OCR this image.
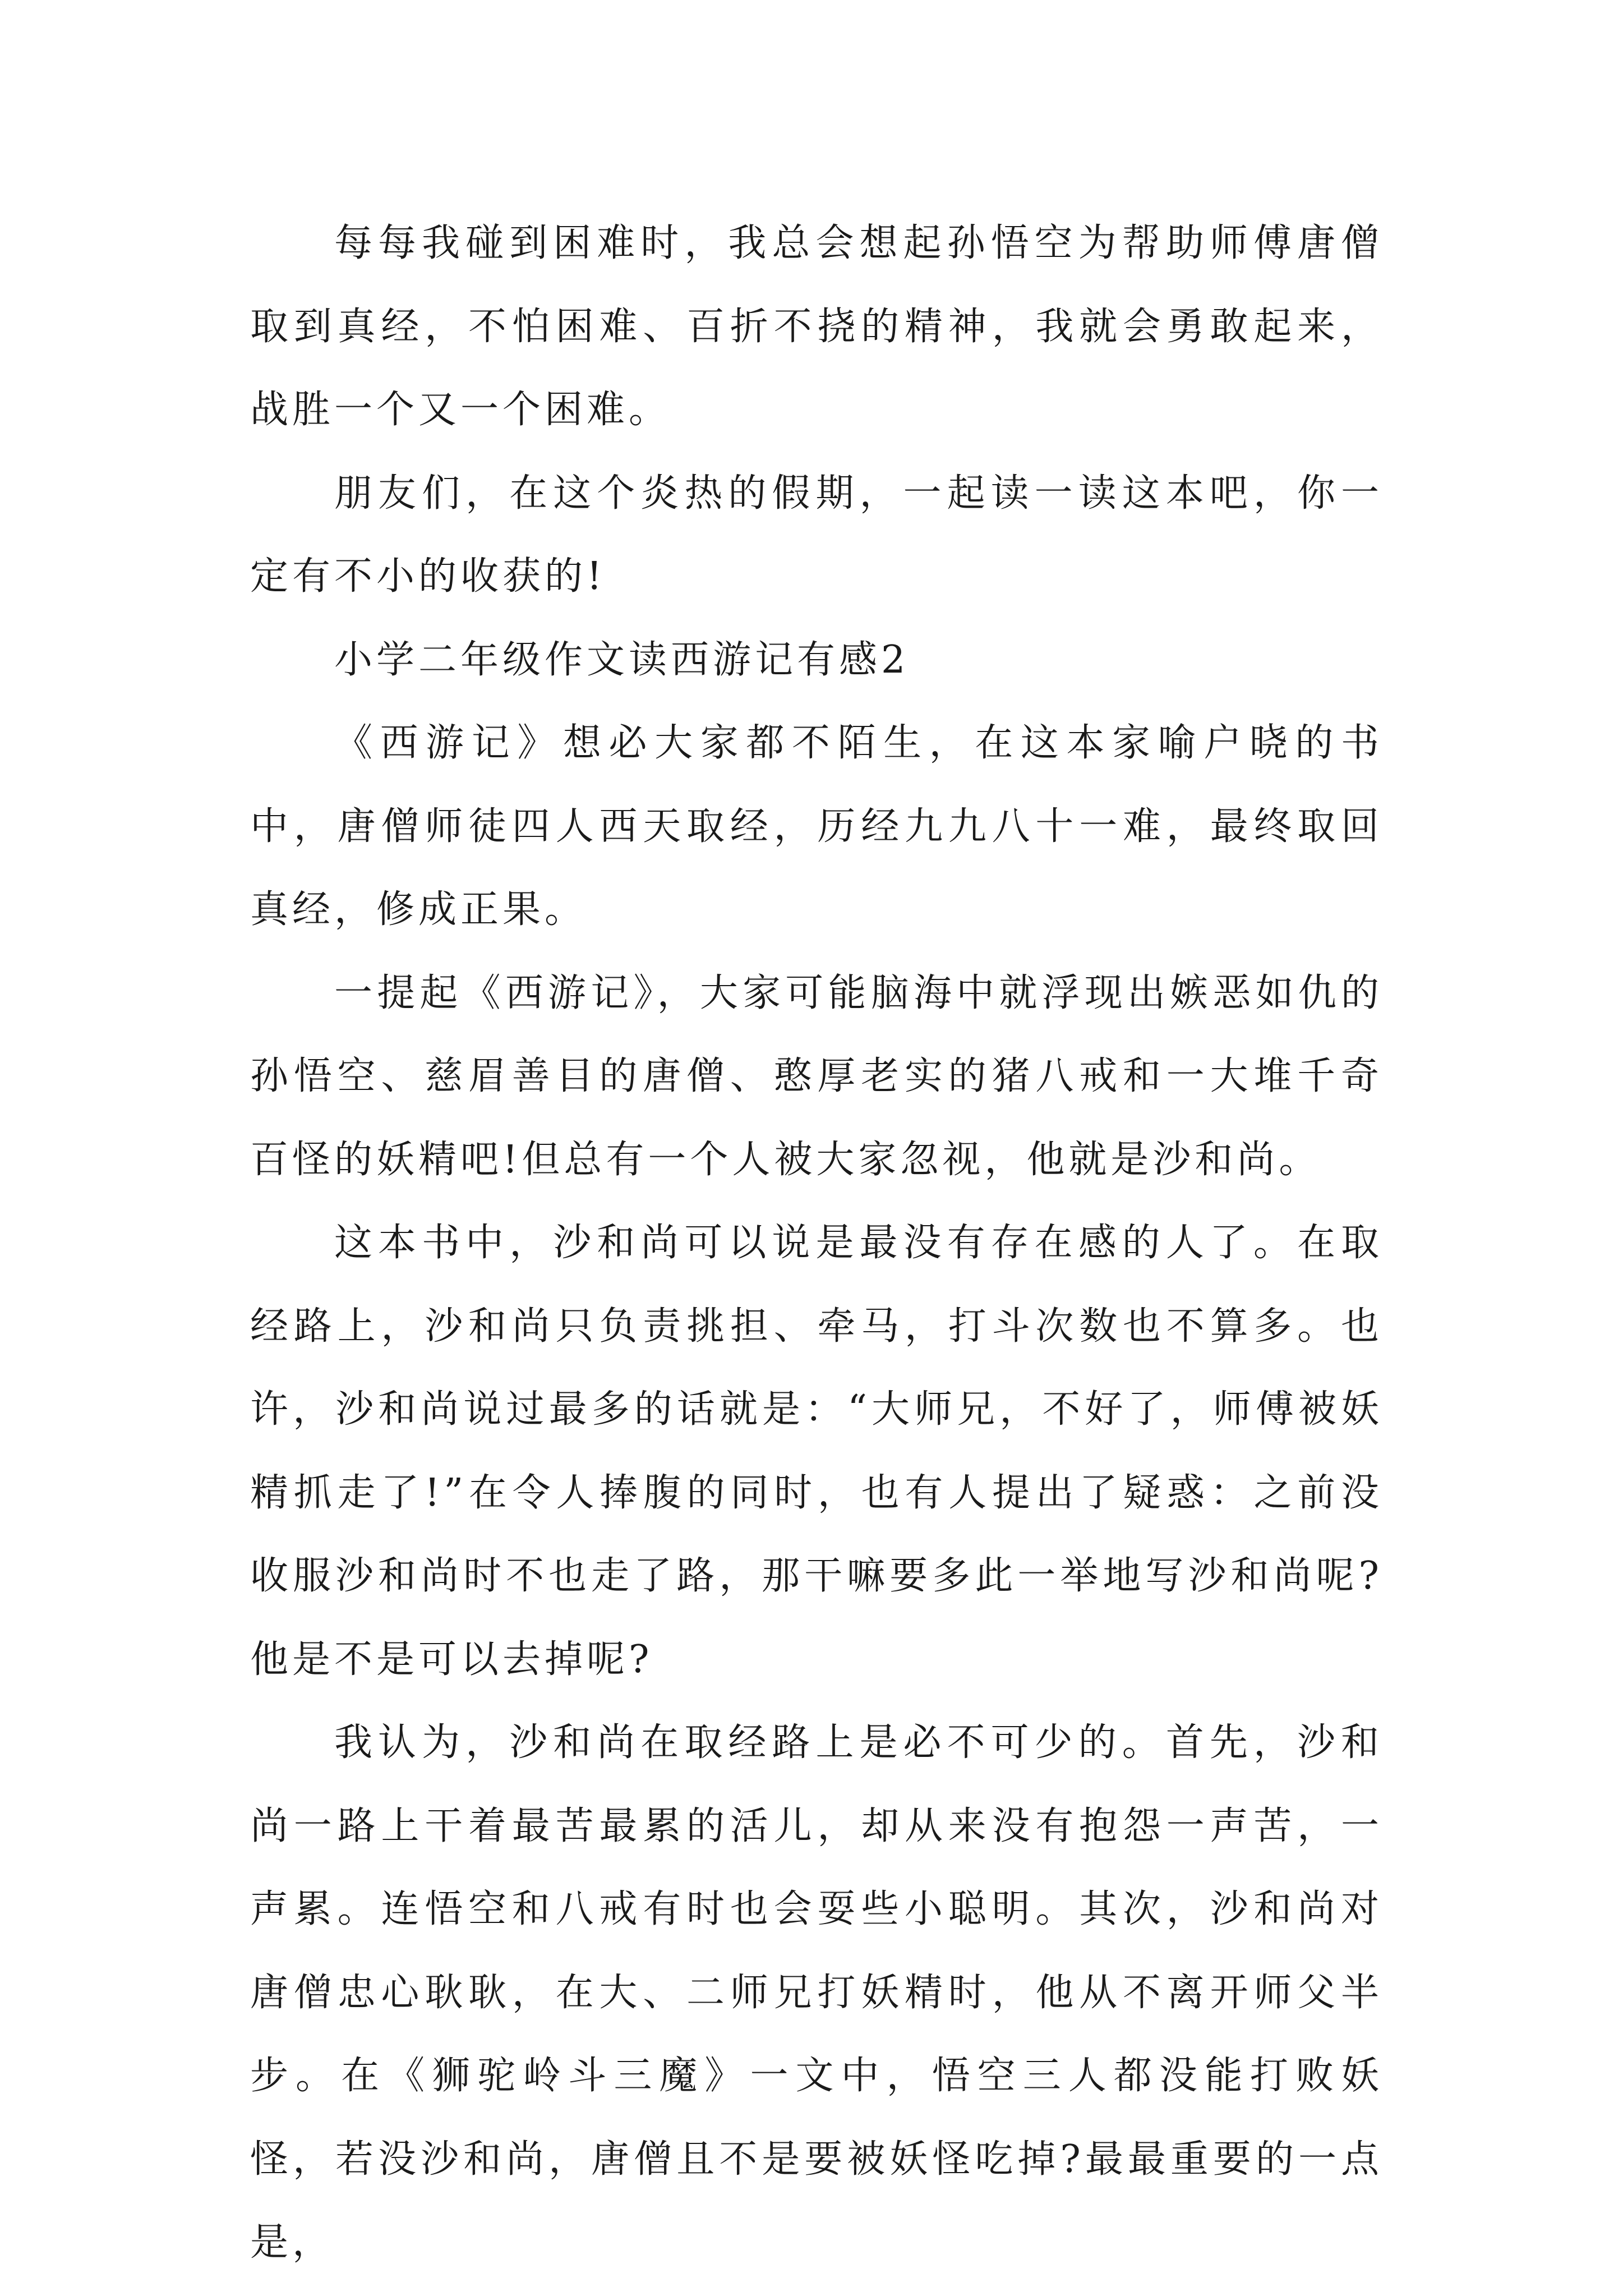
每每我碰到困难时，我总会想起孙悟空为帮助师傅唐僧取到真经，不怕困难、百折不挠的精神，我就会勇敢起来，战胜一个又一个困难。

朋友们，在这个炎热的假期，一起读一读这本吧，你一定有不小的收获的!

小学二年级作文读西游记有感2

《西游记》想必大家都不陌生，在这本家喻户晓的书中，唐僧师徒四人西天取经，历经九九八十一难，最终取回真经，修成正果。

一提起《西游记》，大家可能脑海中就浮现出嫉恶如仇的孙悟空、慈眉善目的唐僧、憨厚老实的猪八戒和一大堆千奇百怪的妖精吧!但总有一个人被大家忽视，他就是沙和尚。

这本书中，沙和尚可以说是最没有存在感的人了。在取经路上，沙和尚只负责挑担、牵马，打斗次数也不算多。也许，沙和尚说过最多的话就是：“大师兄，不好了，师傅被妖精抓走了!”在令人捧腹的同时，也有人提出了疑惑：之前没收服沙和尚时不也走了路，那干嘛要多此一举地写沙和尚呢?他是不是可以去掉呢?

我认为，沙和尚在取经路上是必不可少的。首先，沙和尚一路上干着最苦最累的活儿，却从来没有抱怨一声苦，一声累。连悟空和八戒有时也会耍些小聪明。其次，沙和尚对唐僧忠心耿耿，在大、二师兄打妖精时，他从不离开师父半步。在《狮驼岭斗三魔》一文中，悟空三人都没能打败妖怪，若没沙和尚，唐僧且不是要被妖怪吃掉?最最重要的一点是，
